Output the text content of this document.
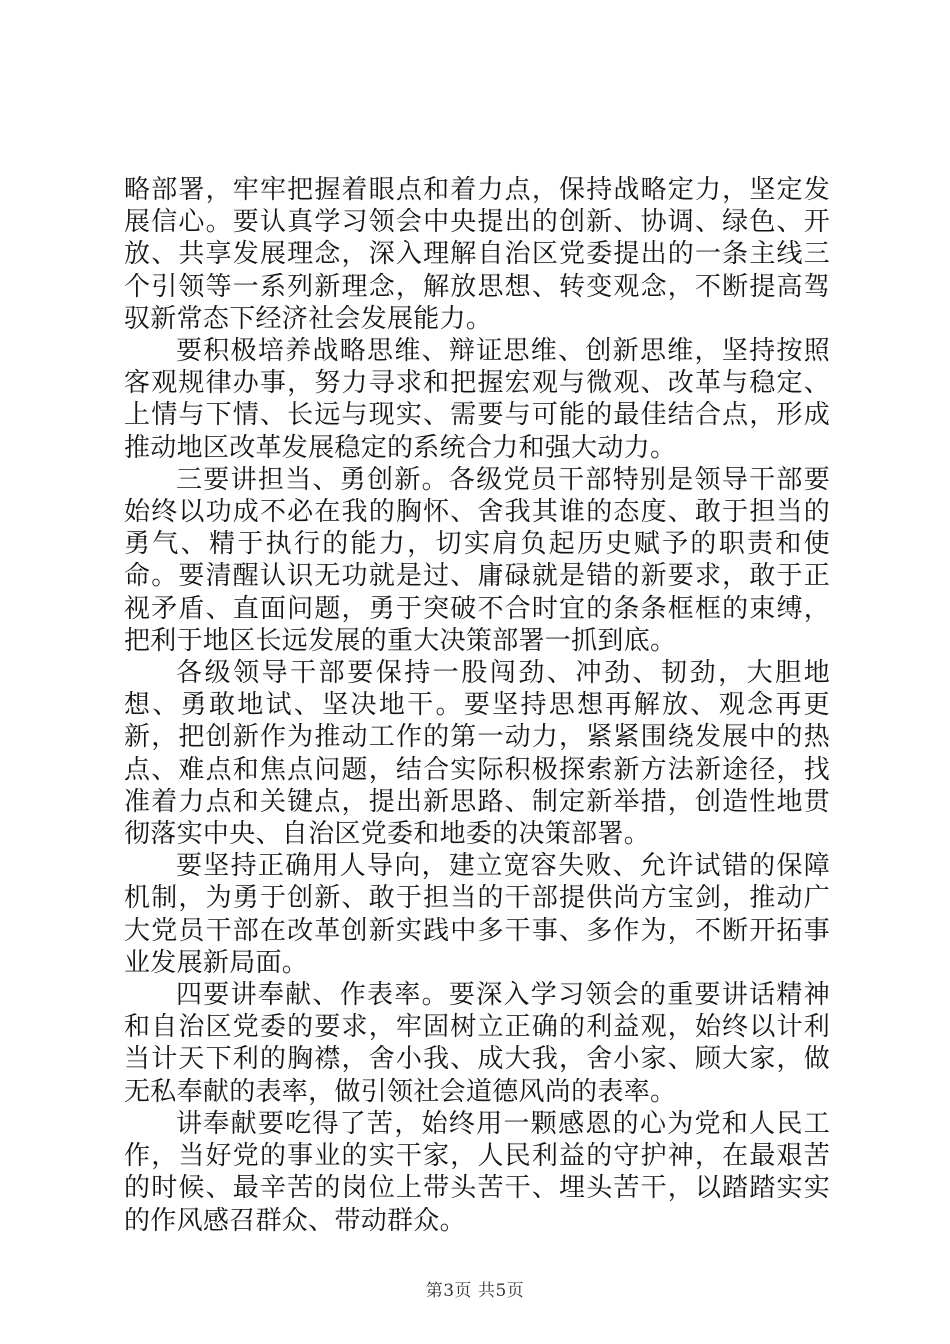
略部署，牢牢把握着眼点和着力点，保持战略定力，坚定发展信心。要认真学习领会中央提出的创新、协调、绿色、开放、共享发展理念，深入理解自治区党委提出的一条主线三个引领等一系列新理念，解放思想、转变观念，不断提高驾驭新常态下经济社会发展能力。

要积极培养战略思维、辩证思维、创新思维，坚持按照客观规律办事，努力寻求和把握宏观与微观、改革与稳定、上情与下情、长远与现实、需要与可能的最佳结合点，形成推动地区改革发展稳定的系统合力和强大动力。

三要讲担当、勇创新。各级党员干部特别是领导干部要始终以功成不必在我的胸怀、舍我其谁的态度、敢于担当的勇气、精于执行的能力，切实肩负起历史赋予的职责和使命。要清醒认识无功就是过、庸碌就是错的新要求，敢于正视矛盾、直面问题，勇于突破不合时宜的条条框框的束缚，把利于地区长远发展的重大决策部署一抓到底。

各级领导干部要保持一股闯劲、冲劲、韧劲，大胆地想、勇敢地试、坚决地干。要坚持思想再解放、观念再更新，把创新作为推动工作的第一动力，紧紧围绕发展中的热点、难点和焦点问题，结合实际积极探索新方法新途径，找准着力点和关键点，提出新思路、制定新举措，创造性地贯彻落实中央、自治区党委和地委的决策部署。

要坚持正确用人导向，建立宽容失败、允许试错的保障机制，为勇于创新、敢于担当的干部提供尚方宝剑，推动广大党员干部在改革创新实践中多干事、多作为，不断开拓事业发展新局面。

四要讲奉献、作表率。要深入学习领会的重要讲话精神和自治区党委的要求，牢固树立正确的利益观，始终以计利当计天下利的胸襟，舍小我、成大我，舍小家、顾大家，做无私奉献的表率，做引领社会道德风尚的表率。

讲奉献要吃得了苦，始终用一颗感恩的心为党和人民工作，当好党的事业的实干家，人民利益的守护神，在最艰苦的时候、最辛苦的岗位上带头苦干、埋头苦干，以踏踏实实的作风感召群众、带动群众。

第3页 共5页
